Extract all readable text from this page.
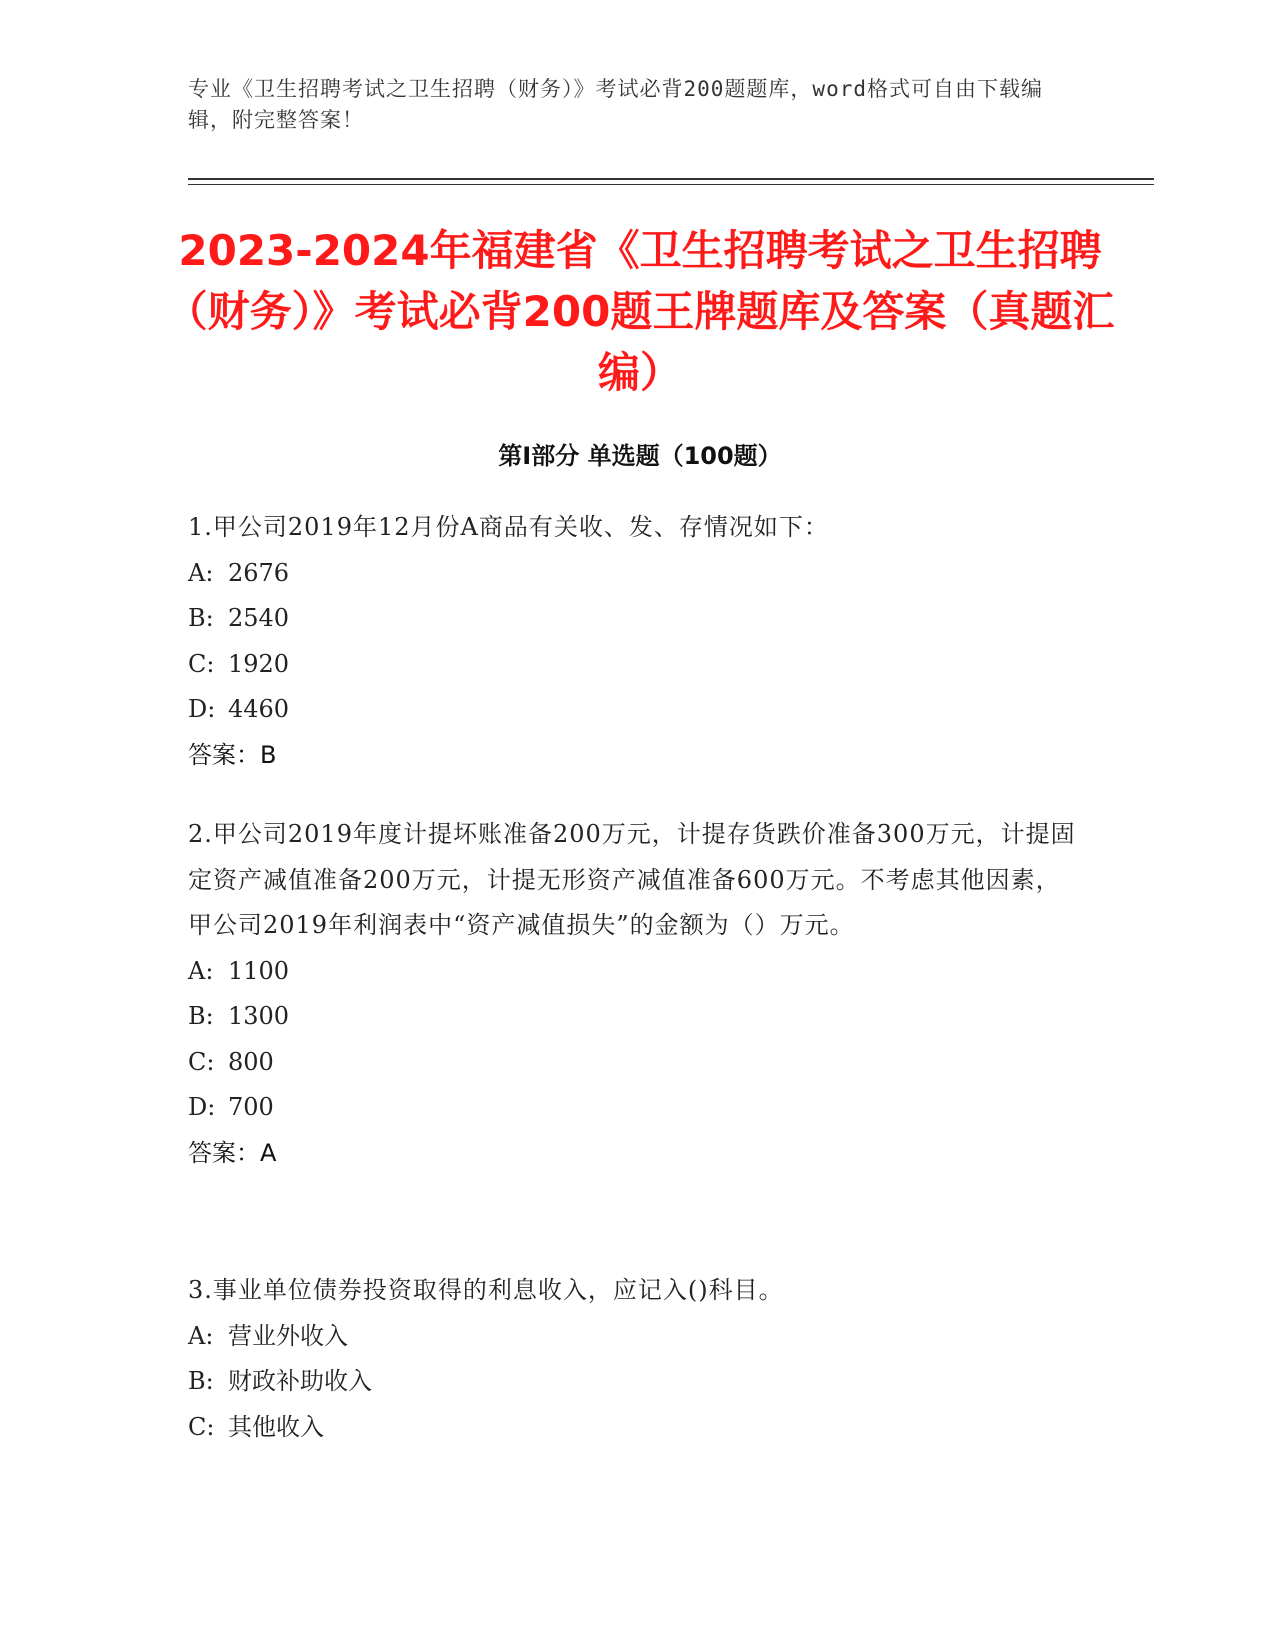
专业《卫生招聘考试之卫生招聘（财务）》考试必背200题题库，word格式可自由下载编辑，附完整答案！
2023-2024年福建省《卫生招聘考试之卫生招聘（财务）》考试必背200题王牌题库及答案（真题汇编）
第Ⅰ部分 单选题（100题）

1.甲公司2019年12月份A商品有关收、发、存情况如下：

A: 2676

B: 2540

C: 1920

D: 4460

答案：B

2.甲公司2019年度计提坏账准备200万元，计提存货跌价准备300万元，计提固定资产减值准备200万元，计提无形资产减值准备600万元。不考虑其他因素，甲公司2019年利润表中“资产减值损失”的金额为（）万元。

A: 1100

B: 1300

C: 800

D: 700

答案：A

3.事业单位债券投资取得的利息收入，应记入()科目。

A: 营业外收入

B: 财政补助收入

C: 其他收入
